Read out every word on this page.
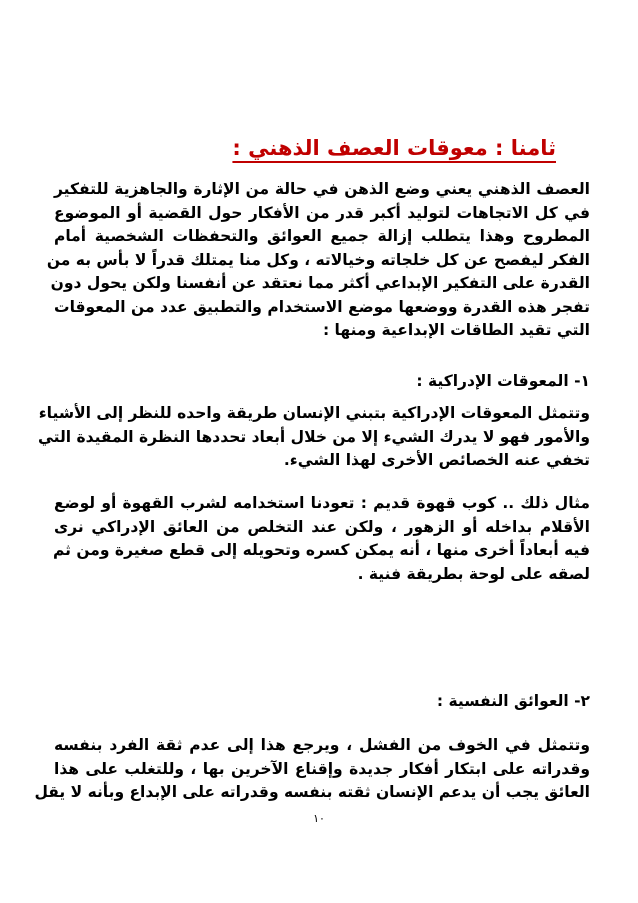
ثامنا : معوقات العصف الذهني :
العصف الذهني يعني وضع الذهن في حالة من الإثارة والجاهزية للتفكير
في كل الاتجاهات لتوليد أكبر قدر من الأفكار حول القضية أو الموضوع
المطروح وهذا يتطلب إزالة جميع العوائق والتحفظات الشخصية أمام
الفكر ليفصح عن كل خلجاته وخيالاته ، وكل منا يمتلك قدراً لا بأس به من
القدرة على التفكير الإبداعي أكثر مما نعتقد عن أنفسنا ولكن يحول دون
تفجر هذه القدرة ووضعها موضع الاستخدام والتطبيق عدد من المعوقات
التي تقيد الطاقات الإبداعية ومنها :
١- المعوقات الإدراكية :
وتتمثل المعوقات الإدراكية بتبني الإنسان طريقة واحده للنظر إلى الأشياء
والأمور فهو لا يدرك الشيء إلا من خلال أبعاد تحددها النظرة المقيدة التي
تخفي عنه الخصائص الأخرى لهذا الشيء.
مثال ذلك .. كوب قهوة قديم : تعودنا استخدامه لشرب القهوة أو لوضع
الأقلام بداخله أو الزهور ، ولكن عند التخلص من العائق الإدراكي نرى
فيه أبعاداً أخرى منها ، أنه يمكن كسره وتحويله إلى قطع صغيرة ومن ثم
لصقه على لوحة بطريقة فنية .
٢- العوائق النفسية :
وتتمثل في الخوف من الفشل ، ويرجع هذا إلى عدم ثقة الفرد بنفسه
وقدراته على ابتكار أفكار جديدة وإقناع الآخرين بها ، وللتغلب على هذا
العائق يجب أن يدعم الإنسان ثقته بنفسه وقدراته على الإبداع وبأنه لا يقل
١٠
